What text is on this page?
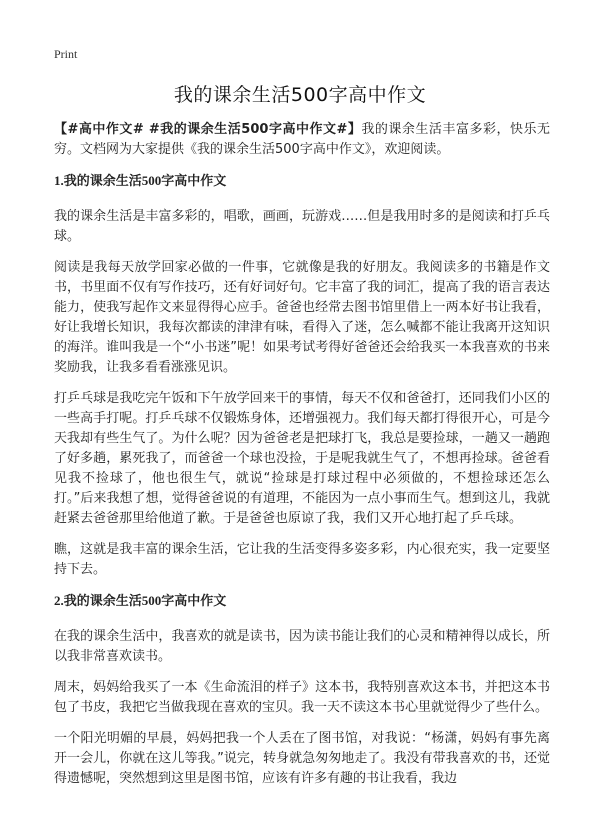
Print
我的课余生活500字高中作文

【#高中作文# #我的课余生活500字高中作文#】我的课余生活丰富多彩，快乐无穷。文档网为大家提供《我的课余生活500字高中作文》，欢迎阅读。

1.我的课余生活500字高中作文

我的课余生活是丰富多彩的，唱歌，画画，玩游戏……但是我用时多的是阅读和打乒乓球。

阅读是我每天放学回家必做的一件事，它就像是我的好朋友。我阅读多的书籍是作文书，书里面不仅有写作技巧，还有好词好句。它丰富了我的词汇，提高了我的语言表达能力，使我写起作文来显得得心应手。爸爸也经常去图书馆里借上一两本好书让我看，好让我增长知识，我每次都读的津津有味，看得入了迷，怎么喊都不能让我离开这知识的海洋。谁叫我是一个“小书迷”呢！如果考试考得好爸爸还会给我买一本我喜欢的书来奖励我，让我多看看涨涨见识。

打乒乓球是我吃完午饭和下午放学回来干的事情，每天不仅和爸爸打，还同我们小区的一些高手打呢。打乒乓球不仅锻炼身体，还增强视力。我们每天都打得很开心，可是今天我却有些生气了。为什么呢？因为爸爸老是把球打飞，我总是要捡球，一趟又一趟跑了好多趟，累死我了，而爸爸一个球也没捡，于是呢我就生气了，不想再捡球。爸爸看见我不捡球了，他也很生气，就说“捡球是打球过程中必须做的，不想捡球还怎么打。”后来我想了想，觉得爸爸说的有道理，不能因为一点小事而生气。想到这儿，我就赶紧去爸爸那里给他道了歉。于是爸爸也原谅了我，我们又开心地打起了乒乓球。

瞧，这就是我丰富的课余生活，它让我的生活变得多姿多彩，内心很充实，我一定要坚持下去。

2.我的课余生活500字高中作文

在我的课余生活中，我喜欢的就是读书，因为读书能让我们的心灵和精神得以成长，所以我非常喜欢读书。

周末，妈妈给我买了一本《生命流泪的样子》这本书，我特别喜欢这本书，并把这本书包了书皮，我把它当做我现在喜欢的宝贝。我一天不读这本书心里就觉得少了些什么。

一个阳光明媚的早晨，妈妈把我一个人丢在了图书馆，对我说：“杨潇，妈妈有事先离开一会儿，你就在这儿等我。”说完，转身就急匆匆地走了。我没有带我喜欢的书，还觉得遗憾呢，突然想到这里是图书馆，应该有许多有趣的书让我看，我边
